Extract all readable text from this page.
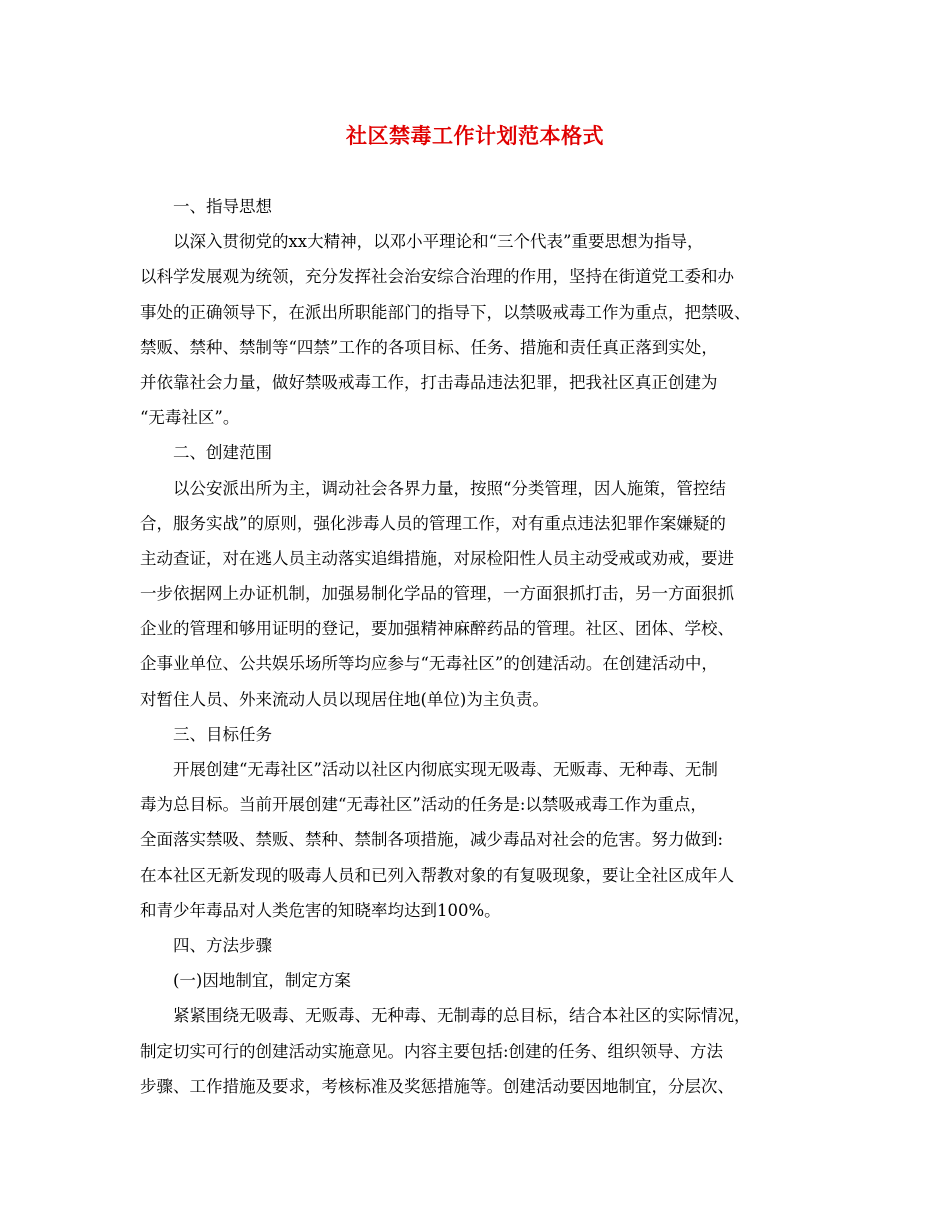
社区禁毒工作计划范本格式
一、指导思想
以深入贯彻党的xx大精神，以邓小平理论和“三个代表”重要思想为指导，
以科学发展观为统领，充分发挥社会治安综合治理的作用，坚持在街道党工委和办
事处的正确领导下，在派出所职能部门的指导下，以禁吸戒毒工作为重点，把禁吸、
禁贩、禁种、禁制等“四禁”工作的各项目标、任务、措施和责任真正落到实处，
并依靠社会力量，做好禁吸戒毒工作，打击毒品违法犯罪，把我社区真正创建为
“无毒社区”。
二、创建范围
以公安派出所为主，调动社会各界力量，按照“分类管理，因人施策，管控结
合，服务实战”的原则，强化涉毒人员的管理工作，对有重点违法犯罪作案嫌疑的
主动查证，对在逃人员主动落实追缉措施，对尿检阳性人员主动受戒或劝戒，要进
一步依据网上办证机制，加强易制化学品的管理，一方面狠抓打击，另一方面狠抓
企业的管理和够用证明的登记，要加强精神麻醉药品的管理。社区、团体、学校、
企事业单位、公共娱乐场所等均应参与“无毒社区”的创建活动。在创建活动中，
对暂住人员、外来流动人员以现居住地(单位)为主负责。
三、目标任务
开展创建“无毒社区”活动以社区内彻底实现无吸毒、无贩毒、无种毒、无制
毒为总目标。当前开展创建“无毒社区”活动的任务是:以禁吸戒毒工作为重点，
全面落实禁吸、禁贩、禁种、禁制各项措施，减少毒品对社会的危害。努力做到:
在本社区无新发现的吸毒人员和已列入帮教对象的有复吸现象，要让全社区成年人
和青少年毒品对人类危害的知晓率均达到100%。
四、方法步骤
(一)因地制宜，制定方案
紧紧围绕无吸毒、无贩毒、无种毒、无制毒的总目标，结合本社区的实际情况，
制定切实可行的创建活动实施意见。内容主要包括:创建的任务、组织领导、方法
步骤、工作措施及要求，考核标准及奖惩措施等。创建活动要因地制宜，分层次、
